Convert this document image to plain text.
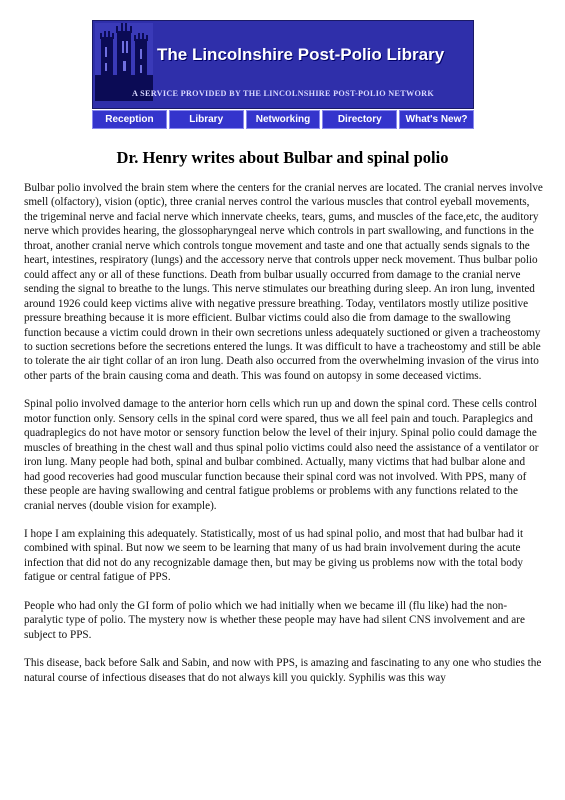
The Lincolnshire Post-Polio Library
A SERVICE PROVIDED BY THE LINCOLNSHIRE POST-POLIO NETWORK
Reception	Library	Networking	Directory	What's New?
Dr. Henry writes about Bulbar and spinal polio

Bulbar polio involved the brain stem where the centers for the cranial nerves are located. The cranial nerves involve smell (olfactory), vision (optic), three cranial nerves control the various muscles that control eyeball movements, the trigeminal nerve and facial nerve which innervate cheeks, tears, gums, and muscles of the face,etc, the auditory nerve which provides hearing, the glossopharyngeal nerve which controls in part swallowing, and functions in the throat, another cranial nerve which controls tongue movement and taste and one that actually sends signals to the heart, intestines, respiratory (lungs) and the accessory nerve that controls upper neck movement. Thus bulbar polio could affect any or all of these functions. Death from bulbar usually occurred from damage to the cranial nerve sending the signal to breathe to the lungs. This nerve stimulates our breathing during sleep. An iron lung, invented around 1926 could keep victims alive with negative pressure breathing. Today, ventilators mostly utilize positive pressure breathing because it is more efficient. Bulbar victims could also die from damage to the swallowing function because a victim could drown in their own secretions unless adequately suctioned or given a tracheostomy to suction secretions before the secretions entered the lungs. It was difficult to have a tracheostomy and still be able to tolerate the air tight collar of an iron lung. Death also occurred from the overwhelming invasion of the virus into other parts of the brain causing coma and death. This was found on autopsy in some deceased victims.

Spinal polio involved damage to the anterior horn cells which run up and down the spinal cord. These cells control motor function only. Sensory cells in the spinal cord were spared, thus we all feel pain and touch. Paraplegics and quadraplegics do not have motor or sensory function below the level of their injury. Spinal polio could damage the muscles of breathing in the chest wall and thus spinal polio victims could also need the assistance of a ventilator or iron lung. Many people had both, spinal and bulbar combined. Actually, many victims that had bulbar alone and had good recoveries had good muscular function because their spinal cord was not involved. With PPS, many of these people are having swallowing and central fatigue problems or problems with any functions related to the cranial nerves (double vision for example).

I hope I am explaining this adequately. Statistically, most of us had spinal polio, and most that had bulbar had it combined with spinal. But now we seem to be learning that many of us had brain involvement during the acute infection that did not do any recognizable damage then, but may be giving us problems now with the total body fatigue or central fatigue of PPS.

People who had only the GI form of polio which we had initially when we became ill (flu like) had the non-paralytic type of polio. The mystery now is whether these people may have had silent CNS involvement and are subject to PPS.

This disease, back before Salk and Sabin, and now with PPS, is amazing and fascinating to any one who studies the natural course of infectious diseases that do not always kill you quickly. Syphilis was this way
